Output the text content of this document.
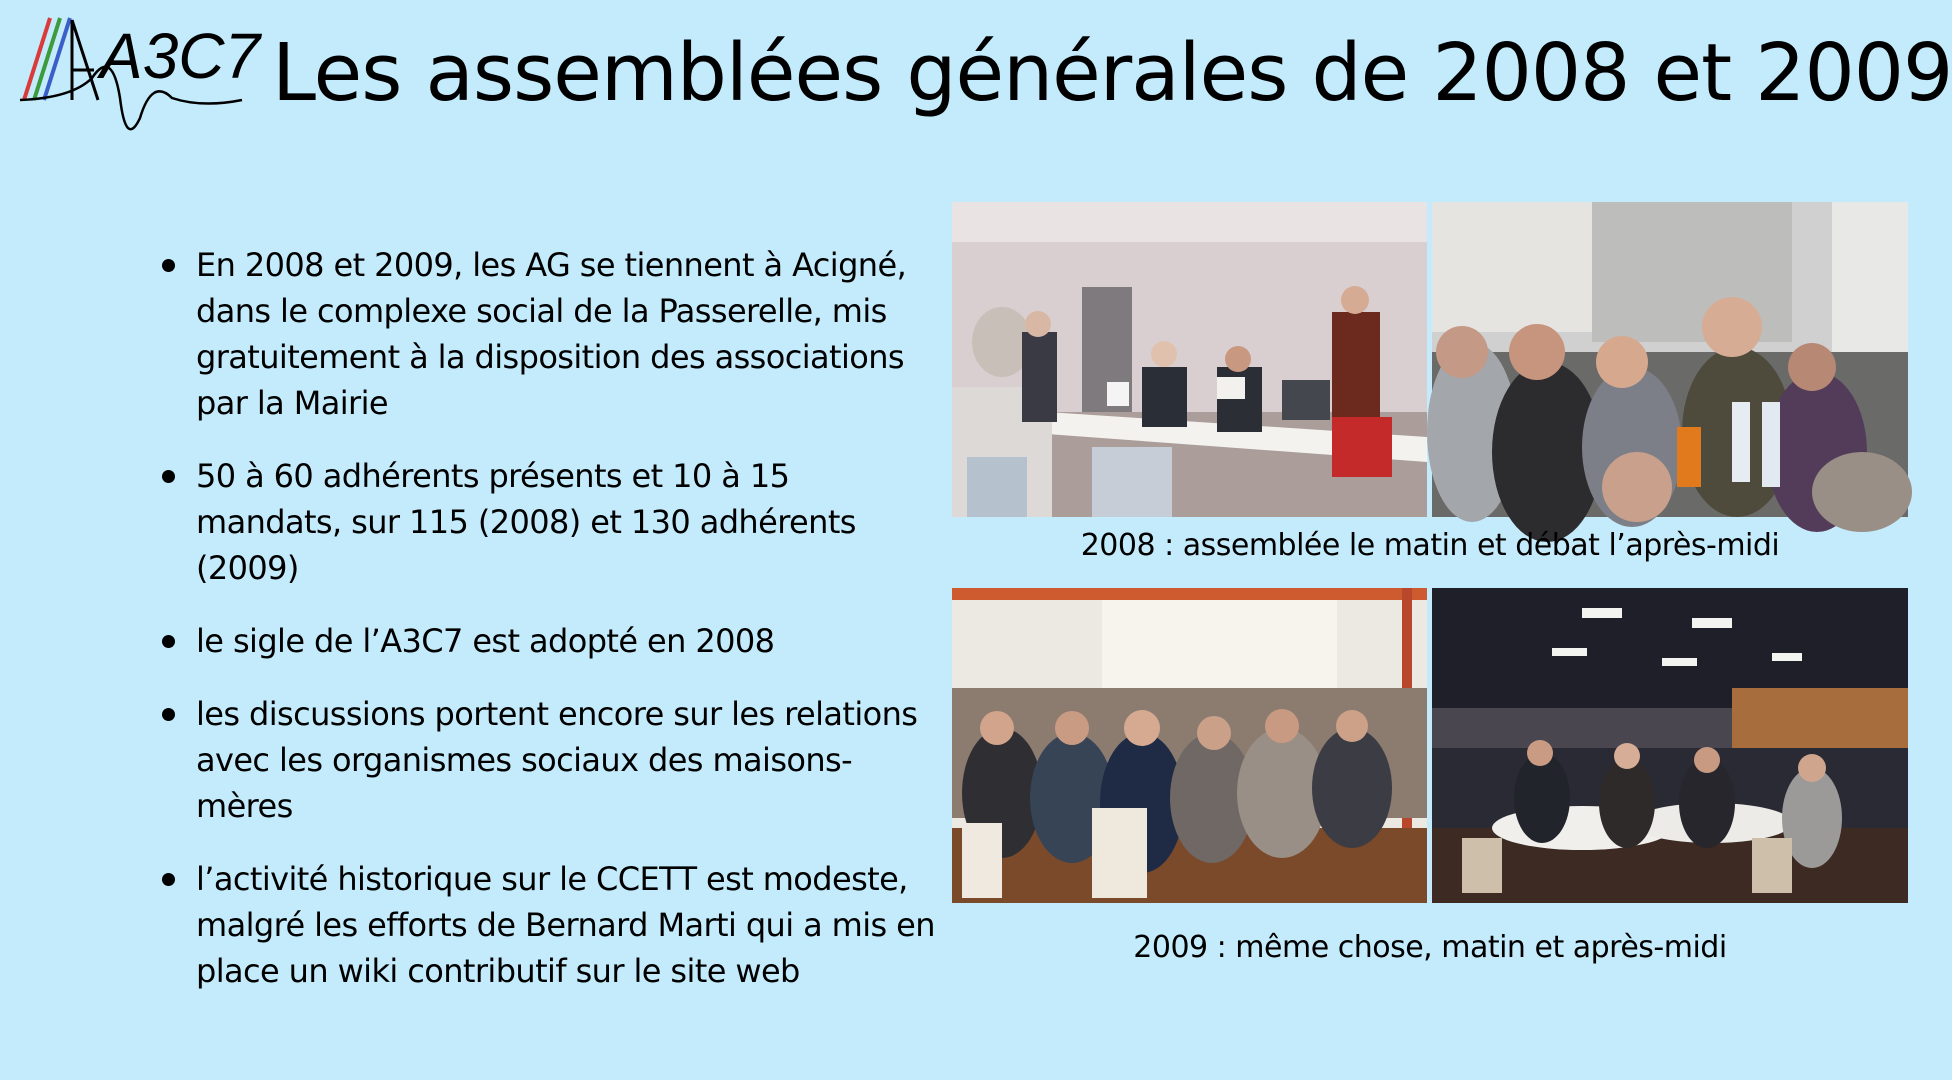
A3C7 Les assemblées générales de 2008 et 2009
En 2008 et 2009, les AG se tiennent à Acigné, dans le complexe social de la Passerelle, mis gratuitement à la disposition des associations par la Mairie
50 à 60 adhérents présents et 10 à 15 mandats, sur 115 (2008) et 130 adhérents (2009)
le sigle de l’A3C7 est adopté en 2008
les discussions portent encore sur les relations avec les organismes sociaux des maisons-mères
l’activité historique sur le CCETT est modeste, malgré les efforts de Bernard Marti qui a mis en place un wiki contributif sur le site web
2008 : assemblée le matin et débat l’après-midi
2009 : même chose, matin et après-midi
